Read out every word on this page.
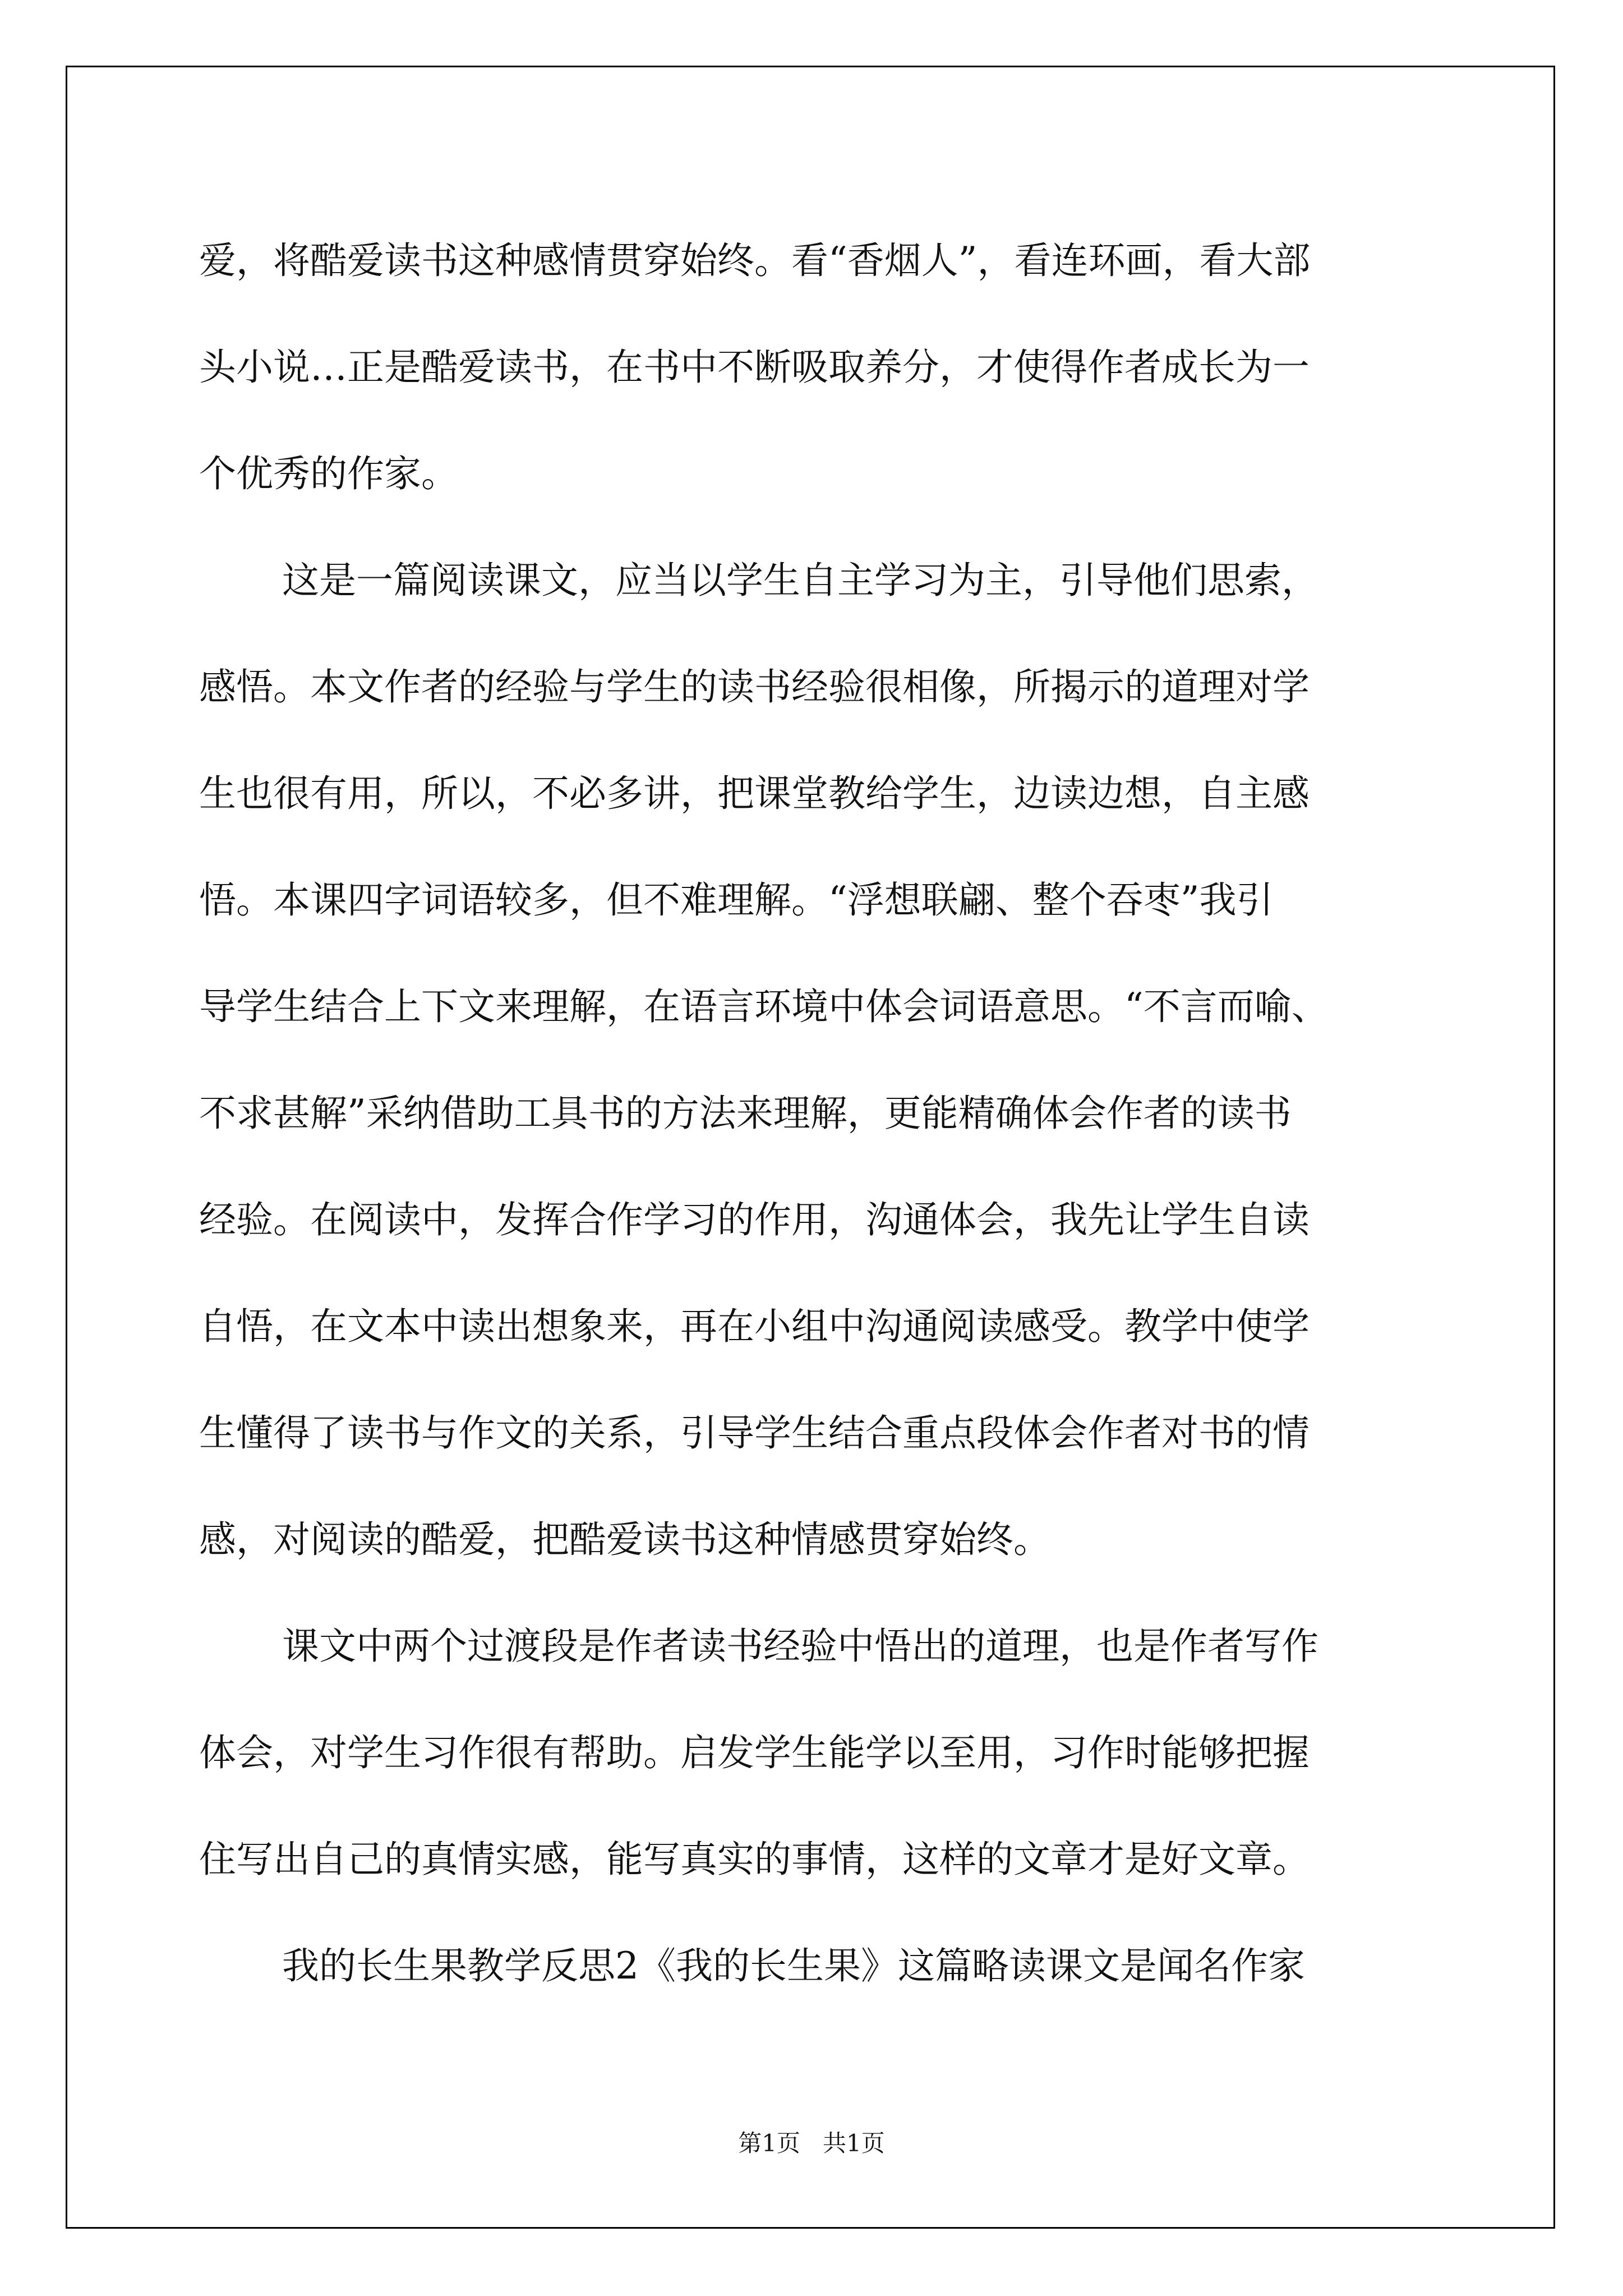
爱，将酷爱读书这种感情贯穿始终。看“香烟人”，看连环画，看大部
头小说…正是酷爱读书，在书中不断吸取养分，才使得作者成长为一
个优秀的作家。
这是一篇阅读课文，应当以学生自主学习为主，引导他们思索，
感悟。本文作者的经验与学生的读书经验很相像，所揭示的道理对学
生也很有用，所以，不必多讲，把课堂教给学生，边读边想，自主感
悟。本课四字词语较多，但不难理解。“浮想联翩、整个吞枣”我引
导学生结合上下文来理解，在语言环境中体会词语意思。“不言而喻、
不求甚解”采纳借助工具书的方法来理解，更能精确体会作者的读书
经验。在阅读中，发挥合作学习的作用，沟通体会，我先让学生自读
自悟，在文本中读出想象来，再在小组中沟通阅读感受。教学中使学
生懂得了读书与作文的关系，引导学生结合重点段体会作者对书的情
感，对阅读的酷爱，把酷爱读书这种情感贯穿始终。
课文中两个过渡段是作者读书经验中悟出的道理，也是作者写作
体会，对学生习作很有帮助。启发学生能学以至用，习作时能够把握
住写出自己的真情实感，能写真实的事情，这样的文章才是好文章。
我的长生果教学反思2《我的长生果》这篇略读课文是闻名作家
第1页   共1页
